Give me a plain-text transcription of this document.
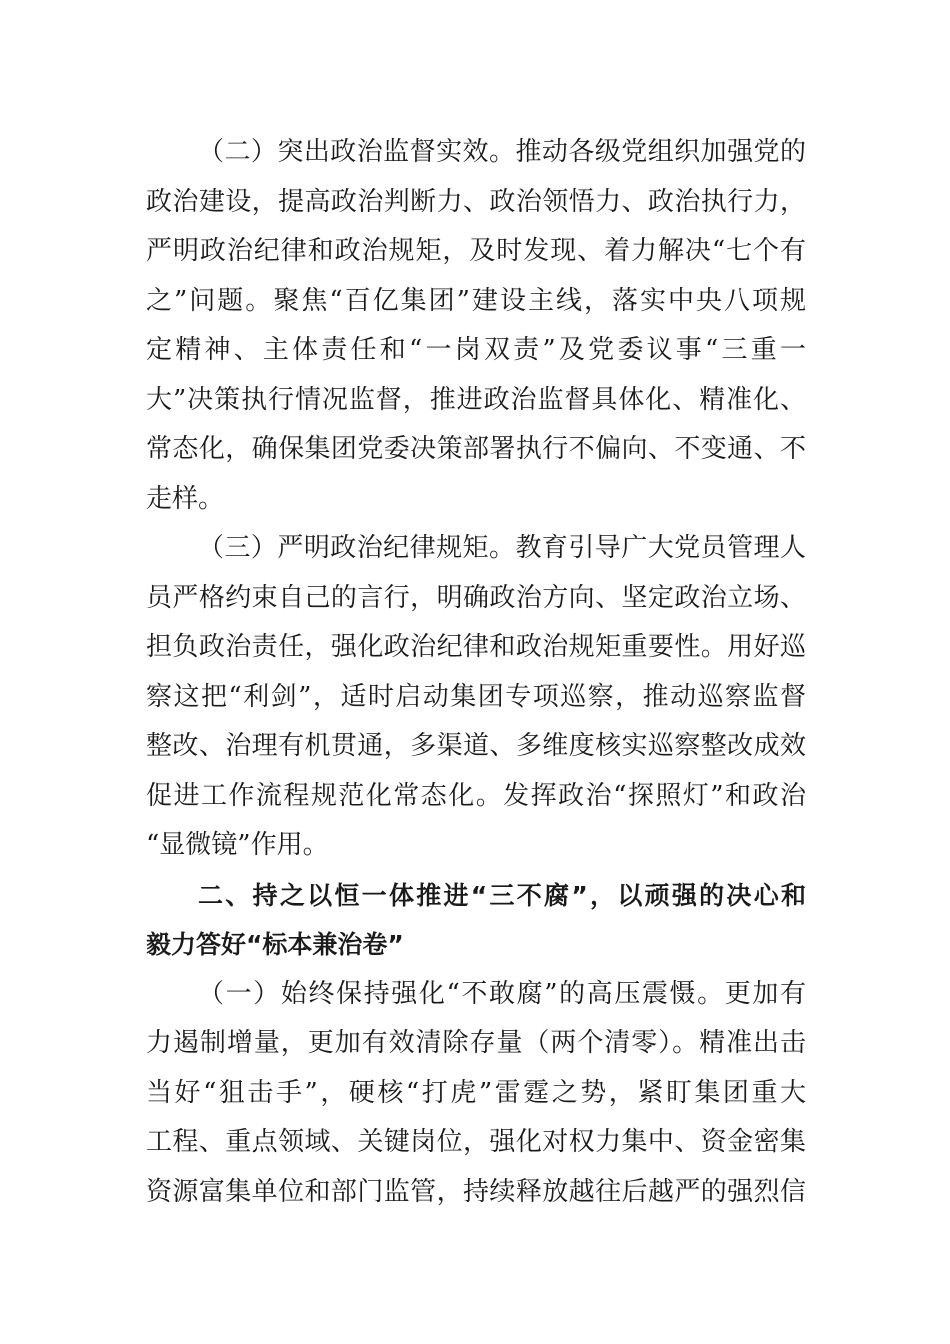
（二）突出政治监督实效。推动各级党组织加强党的
政治建设，提高政治判断力、政治领悟力、政治执行力，
严明政治纪律和政治规矩，及时发现、着力解决“七个有
之”问题。聚焦“百亿集团”建设主线，落实中央八项规
定精神、主体责任和“一岗双责”及党委议事“三重一
大”决策执行情况监督，推进政治监督具体化、精准化、
常态化，确保集团党委决策部署执行不偏向、不变通、不
走样。
（三）严明政治纪律规矩。教育引导广大党员管理人
员严格约束自己的言行，明确政治方向、坚定政治立场、
担负政治责任，强化政治纪律和政治规矩重要性。用好巡
察这把“利剑”，适时启动集团专项巡察，推动巡察监督
整改、治理有机贯通，多渠道、多维度核实巡察整改成效
促进工作流程规范化常态化。发挥政治“探照灯”和政治
“显微镜”作用。
二、持之以恒一体推进“三不腐”，以顽强的决心和
毅力答好“标本兼治卷”
（一）始终保持强化“不敢腐”的高压震慑。更加有
力遏制增量，更加有效清除存量（两个清零）。精准出击
当好“狙击手”，硬核“打虎”雷霆之势，紧盯集团重大
工程、重点领域、关键岗位，强化对权力集中、资金密集
资源富集单位和部门监管，持续释放越往后越严的强烈信
